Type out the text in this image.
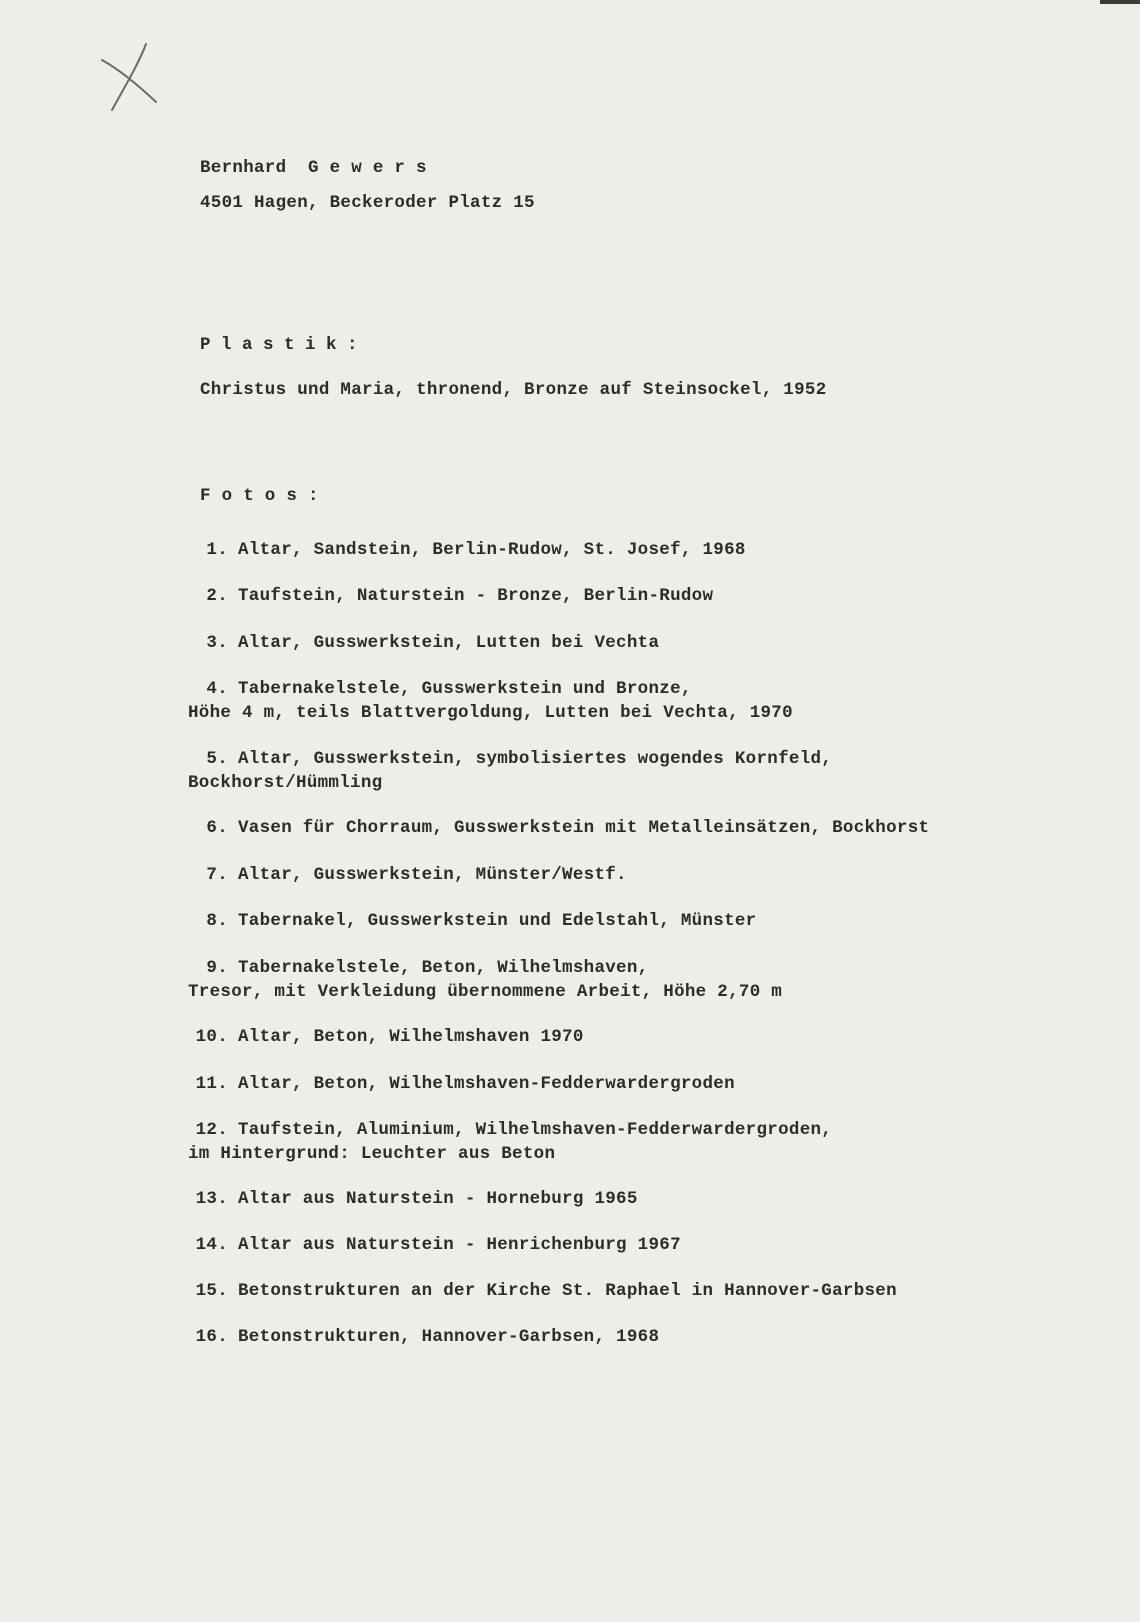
Bernhard  G e w e r s
4501 Hagen, Beckeroder Platz 15
P l a s t i k :
Christus und Maria, thronend, Bronze auf Steinsockel, 1952
F o t o s :
1. Altar, Sandstein, Berlin-Rudow, St. Josef, 1968
2. Taufstein, Naturstein - Bronze, Berlin-Rudow
3. Altar, Gusswerkstein, Lutten bei Vechta
4. Tabernakelstele, Gusswerkstein und Bronze,
Höhe 4 m, teils Blattvergoldung, Lutten bei Vechta, 1970
5. Altar, Gusswerkstein, symbolisiertes wogendes Kornfeld,
Bockhorst/Hümmling
6. Vasen für Chorraum, Gusswerkstein mit Metalleinsätzen, Bockhorst
7. Altar, Gusswerkstein, Münster/Westf.
8. Tabernakel, Gusswerkstein und Edelstahl, Münster
9. Tabernakelstele, Beton, Wilhelmshaven,
Tresor, mit Verkleidung übernommene Arbeit, Höhe 2,70 m
10. Altar, Beton, Wilhelmshaven 1970
11. Altar, Beton, Wilhelmshaven-Fedderwardergroden
12. Taufstein, Aluminium, Wilhelmshaven-Fedderwardergroden,
im Hintergrund: Leuchter aus Beton
13. Altar aus Naturstein - Horneburg 1965
14. Altar aus Naturstein - Henrichenburg 1967
15. Betonstrukturen an der Kirche St. Raphael in Hannover-Garbsen
16. Betonstrukturen, Hannover-Garbsen, 1968
